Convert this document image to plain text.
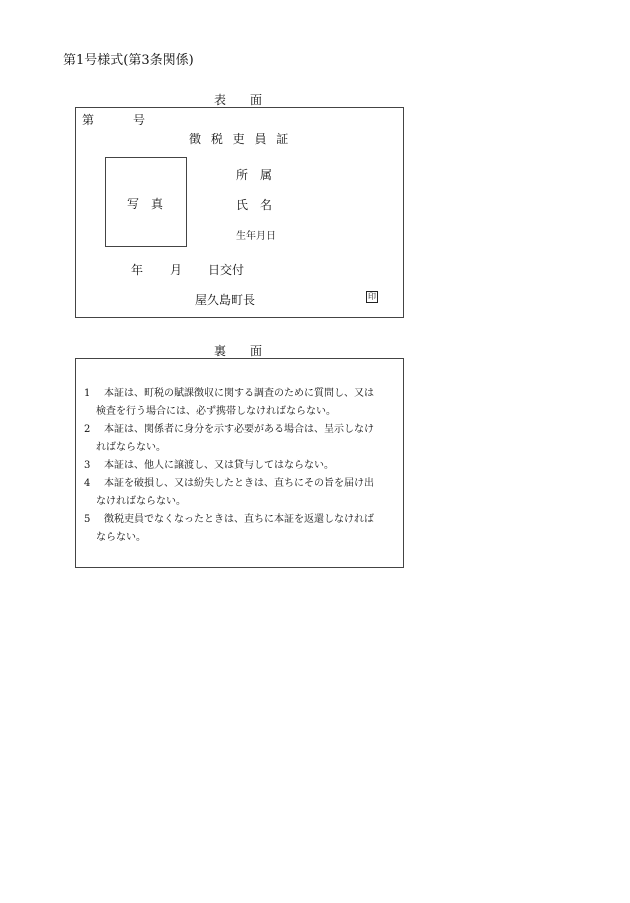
第1号様式(第3条関係)
表　　面
第	号
徴 税 吏 員 証
写　真
所　属
氏　名
生年月日
年 月 日交付
屋久島町長	印
裏　　面
1	本証は、町税の賦課徴収に関する調査のために質問し、又は
検査を行う場合には、必ず携帯しなければならない。
2	本証は、関係者に身分を示す必要がある場合は、呈示しなけ
ればならない。
3	本証は、他人に譲渡し、又は貸与してはならない。
4	本証を破損し、又は紛失したときは、直ちにその旨を届け出
なければならない。
5	徴税吏員でなくなったときは、直ちに本証を返還しなければ
ならない。
